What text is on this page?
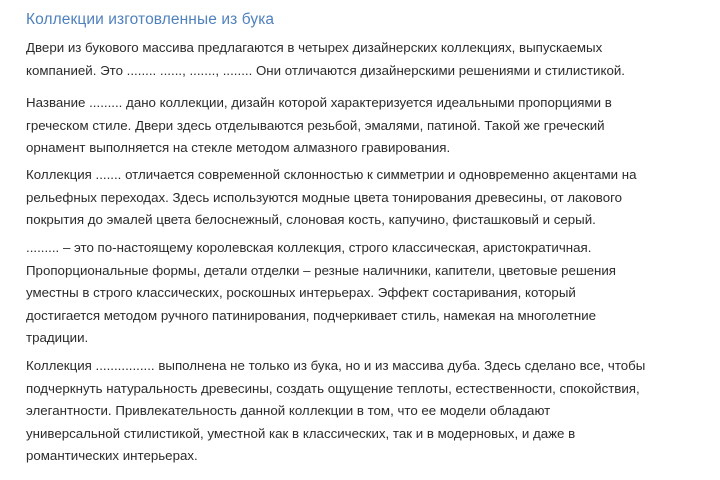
Коллекции изготовленные из бука

Двери из букового массива предлагаются в четырех дизайнерских коллекциях, выпускаемых
компанией. Это ........ ......, ......., ........ Они отличаются дизайнерскими решениями и стилистикой.

Название ......... дано коллекции, дизайн которой характеризуется идеальными пропорциями в
греческом стиле. Двери здесь отделываются резьбой, эмалями, патиной. Такой же греческий
орнамент выполняется на стекле методом алмазного гравирования.

Коллекция ....... отличается современной склонностью к симметрии и одновременно акцентами на
рельефных переходах. Здесь используются модные цвета тонирования древесины, от лакового
покрытия до эмалей цвета белоснежный, слоновая кость, капучино, фисташковый и серый.

......... – это по-настоящему королевская коллекция, строго классическая, аристократичная.
Пропорциональные формы, детали отделки – резные наличники, капители, цветовые решения
уместны в строго классических, роскошных интерьерах. Эффект состаривания, который
достигается методом ручного патинирования, подчеркивает стиль, намекая на многолетние
традиции.

Коллекция ................ выполнена не только из бука, но и из массива дуба. Здесь сделано все, чтобы
подчеркнуть натуральность древесины, создать ощущение теплоты, естественности, спокойствия,
элегантности. Привлекательность данной коллекции в том, что ее модели обладают
универсальной стилистикой, уместной как в классических, так и в модерновых, и даже в
романтических интерьерах.
